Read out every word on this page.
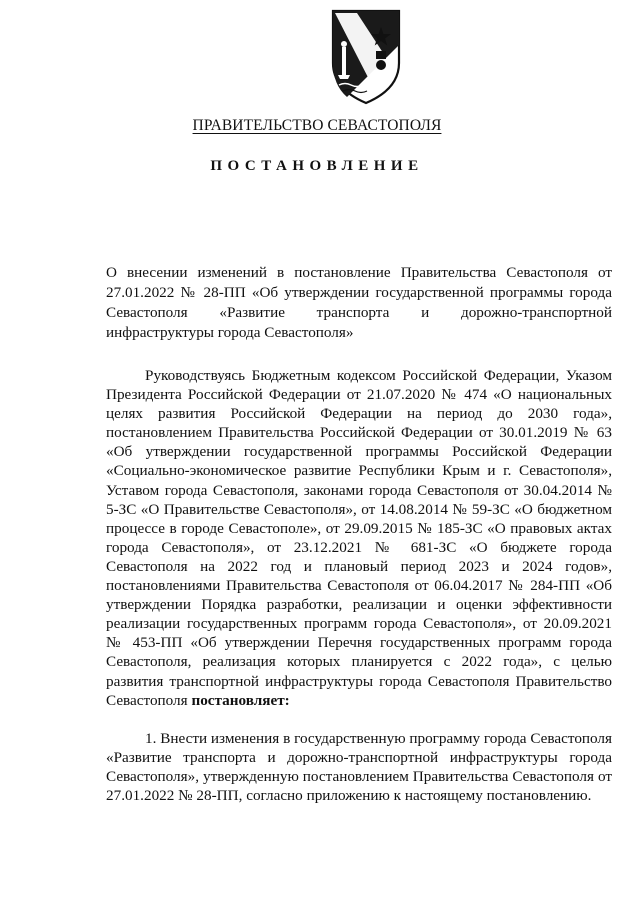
ПРАВИТЕЛЬСТВО СЕВАСТОПОЛЯ
ПОСТАНОВЛЕНИЕ
О внесении изменений в постановление Правительства Севастополя от 27.01.2022 № 28-ПП «Об утверждении государственной программы города Севастополя «Развитие транспорта и дорожно-транспортной инфраструктуры города Севастополя»

Руководствуясь Бюджетным кодексом Российской Федерации, Указом Президента Российской Федерации от 21.07.2020 № 474 «О национальных целях развития Российской Федерации на период до 2030 года», постановлением Правительства Российской Федерации от 30.01.2019 № 63 «Об утверждении государственной программы Российской Федерации «Социально-экономическое развитие Республики Крым и г. Севастополя», Уставом города Севастополя, законами города Севастополя от 30.04.2014 № 5-ЗС «О Правительстве Севастополя», от 14.08.2014 № 59-ЗС «О бюджетном процессе в городе Севастополе», от 29.09.2015 № 185-ЗС «О правовых актах города Севастополя», от 23.12.2021 № 681-ЗС «О бюджете города Севастополя на 2022 год и плановый период 2023 и 2024 годов», постановлениями Правительства Севастополя от 06.04.2017 № 284-ПП «Об утверждении Порядка разработки, реализации и оценки эффективности реализации государственных программ города Севастополя», от 20.09.2021 № 453-ПП «Об утверждении Перечня государственных программ города Севастополя, реализация которых планируется с 2022 года», с целью развития транспортной инфраструктуры города Севастополя Правительство Севастополя постановляет:

1. Внести изменения в государственную программу города Севастополя «Развитие транспорта и дорожно-транспортной инфраструктуры города Севастополя», утвержденную постановлением Правительства Севастополя от 27.01.2022 № 28-ПП, согласно приложению к настоящему постановлению.
